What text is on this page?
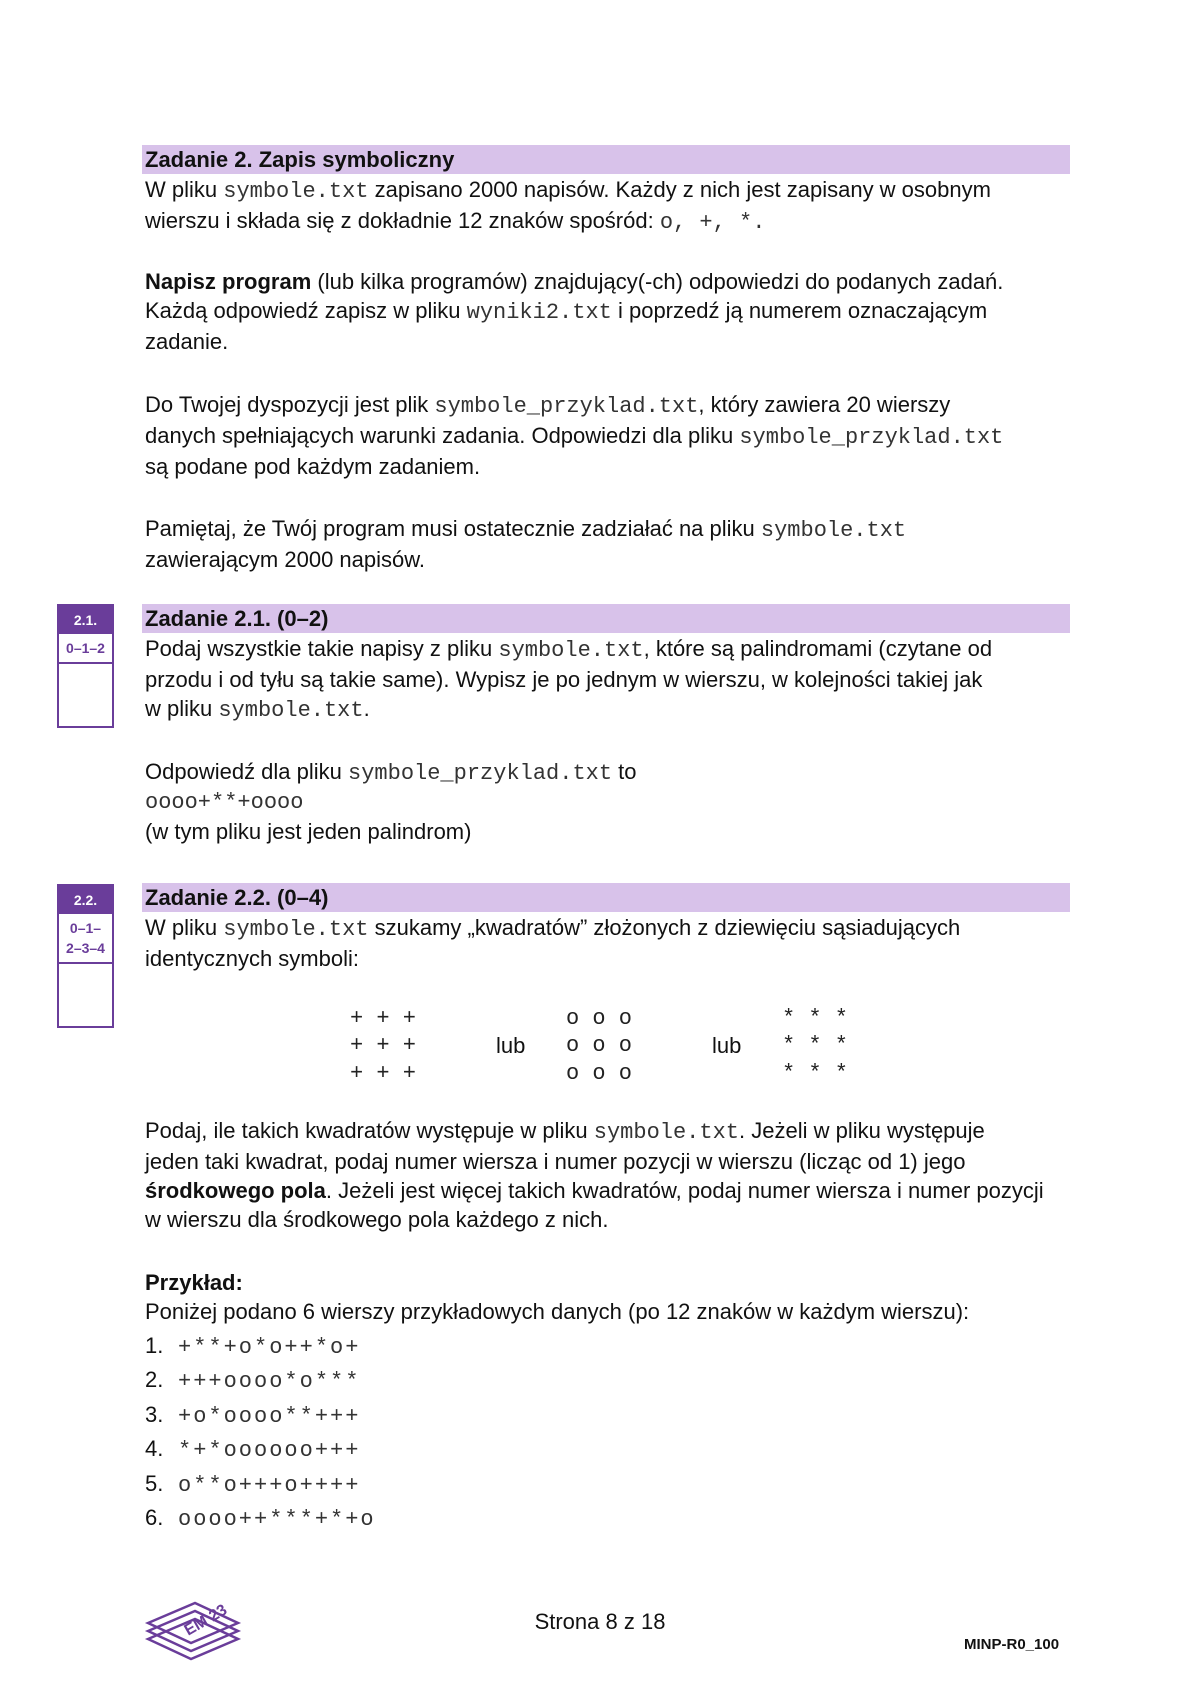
Zadanie 2. Zapis symboliczny
W pliku symbole.txt zapisano 2000 napisów. Każdy z nich jest zapisany w osobnym
wierszu i składa się z dokładnie 12 znaków spośród: o, +, *.
Napisz program (lub kilka programów) znajdujący(-ch) odpowiedzi do podanych zadań.
Każdą odpowiedź zapisz w pliku wyniki2.txt i poprzedź ją numerem oznaczającym
zadanie.
Do Twojej dyspozycji jest plik symbole_przyklad.txt, który zawiera 20 wierszy
danych spełniających warunki zadania. Odpowiedzi dla pliku symbole_przyklad.txt
są podane pod każdym zadaniem.
Pamiętaj, że Twój program musi ostatecznie zadziałać na pliku symbole.txt
zawierającym 2000 napisów.
2.1.
0–1–2
Zadanie 2.1. (0–2)
Podaj wszystkie takie napisy z pliku symbole.txt, które są palindromami (czytane od
przodu i od tyłu są takie same). Wypisz je po jednym w wierszu, w kolejności takiej jak
w pliku symbole.txt.
Odpowiedź dla pliku symbole_przyklad.txt to
oooo+**+oooo
(w tym pliku jest jeden palindrom)
2.2.
0–1–
2–3–4
Zadanie 2.2. (0–4)
W pliku symbole.txt szukamy „kwadratów” złożonych z dziewięciu sąsiadujących
identycznych symboli:
+ + +
+ + +
+ + +
lub
o o o
o o o
o o o
lub
* * *
* * *
* * *
Podaj, ile takich kwadratów występuje w pliku symbole.txt. Jeżeli w pliku występuje
jeden taki kwadrat, podaj numer wiersza i numer pozycji w wierszu (licząc od 1) jego
środkowego pola. Jeżeli jest więcej takich kwadratów, podaj numer wiersza i numer pozycji
w wierszu dla środkowego pola każdego z nich.
Przykład:
Poniżej podano 6 wierszy przykładowych danych (po 12 znaków w każdym wierszu):
1. +**+o*o++*o+
2. +++oooo*o***
3. +o*oooo**+++
4. *+*oooooo+++
5. o**o+++o++++
6. oooo++***+*+o
EM 23	Strona 8 z 18
MINP-R0_100
